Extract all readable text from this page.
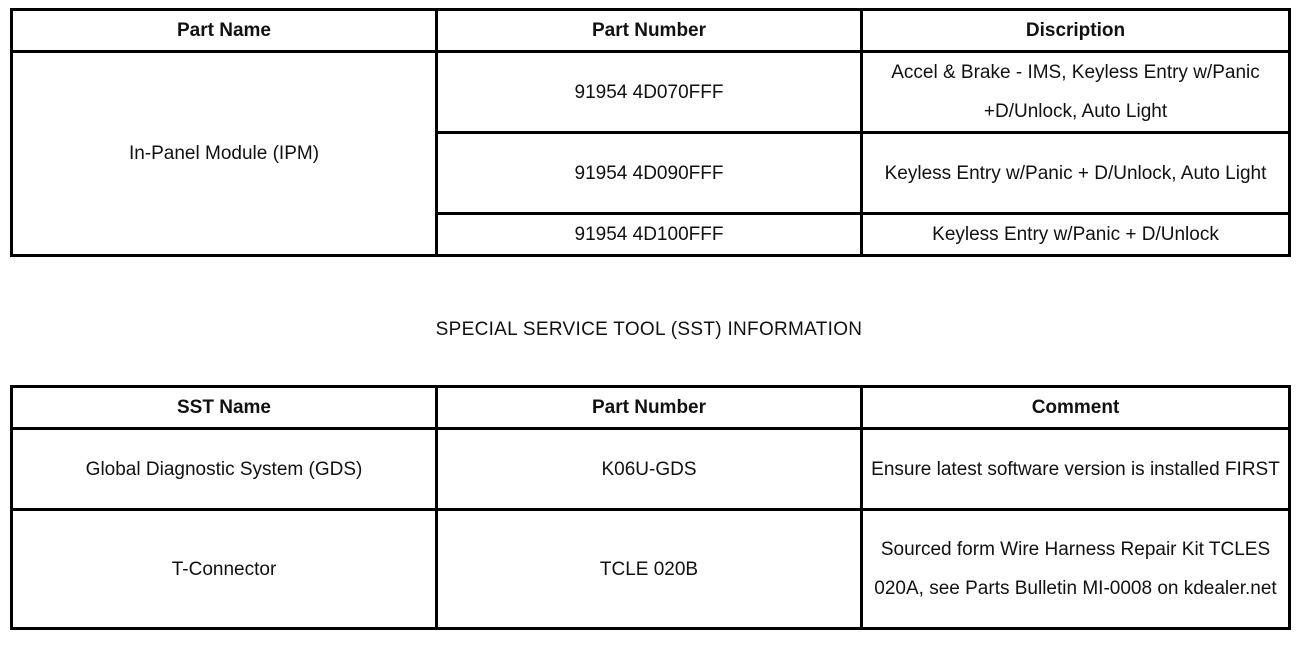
Part Name	Part Number	Discription
In-Panel Module (IPM)	91954 4D070FFF	Accel & Brake - IMS, Keyless Entry w/Panic +D/Unlock, Auto Light
	91954 4D090FFF	Keyless Entry w/Panic + D/Unlock, Auto Light
	91954 4D100FFF	Keyless Entry w/Panic + D/Unlock
SPECIAL SERVICE TOOL (SST) INFORMATION
SST Name	Part Number	Comment
Global Diagnostic System (GDS)	K06U-GDS	Ensure latest software version is installed FIRST
T-Connector	TCLE 020B	Sourced form Wire Harness Repair Kit TCLES 020A, see Parts Bulletin MI-0008 on kdealer.net
